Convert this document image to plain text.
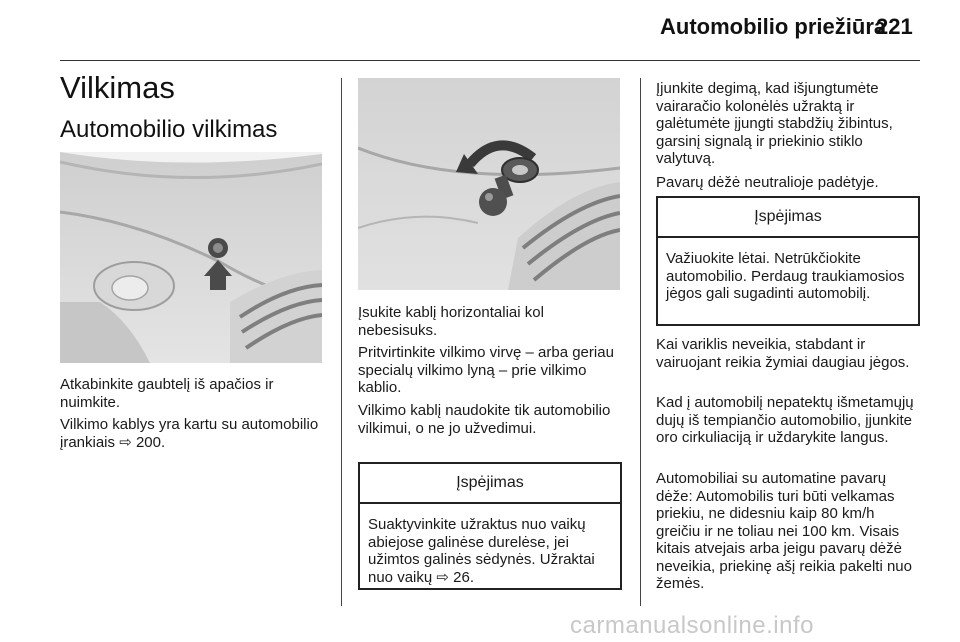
Automobilio priežiūra
221
Vilkimas
Automobilio vilkimas

Atkabinkite gaubtelį iš apačios ir nuimkite.

Vilkimo kablys yra kartu su automobilio įrankiais ⇨ 200.

Įsukite kablį horizontaliai kol nebesisuks.

Pritvirtinkite vilkimo virvę – arba geriau specialų vilkimo lyną – prie vilkimo kablio.

Vilkimo kablį naudokite tik automobilio vilkimui, o ne jo užvedimui.

Įspėjimas

Suaktyvinkite užraktus nuo vaikų abiejose galinėse durelėse, jei užimtos galinės sėdynės. Užraktai nuo vaikų ⇨ 26.

Įjunkite degimą, kad išjungtumėte vairaračio kolonėlės užraktą ir galėtumėte įjungti stabdžių žibintus, garsinį signalą ir priekinio stiklo valytuvą.

Pavarų dėžė neutralioje padėtyje.

Įspėjimas

Važiuokite lėtai. Netrūkčiokite automobilio. Perdaug traukiamosios jėgos gali sugadinti automobilį.

Kai variklis neveikia, stabdant ir vairuojant reikia žymiai daugiau jėgos.

Kad į automobilį nepatektų išmetamųjų dujų iš tempiančio automobilio, įjunkite oro cirkuliaciją ir uždarykite langus.

Automobiliai su automatine pavarų dėže: Automobilis turi būti velkamas priekiu, ne didesniu kaip 80 km/h greičiu ir ne toliau nei 100 km. Visais kitais atvejais arba jeigu pavarų dėžė neveikia, priekinę ašį reikia pakelti nuo žemės.

carmanualsonline.info
